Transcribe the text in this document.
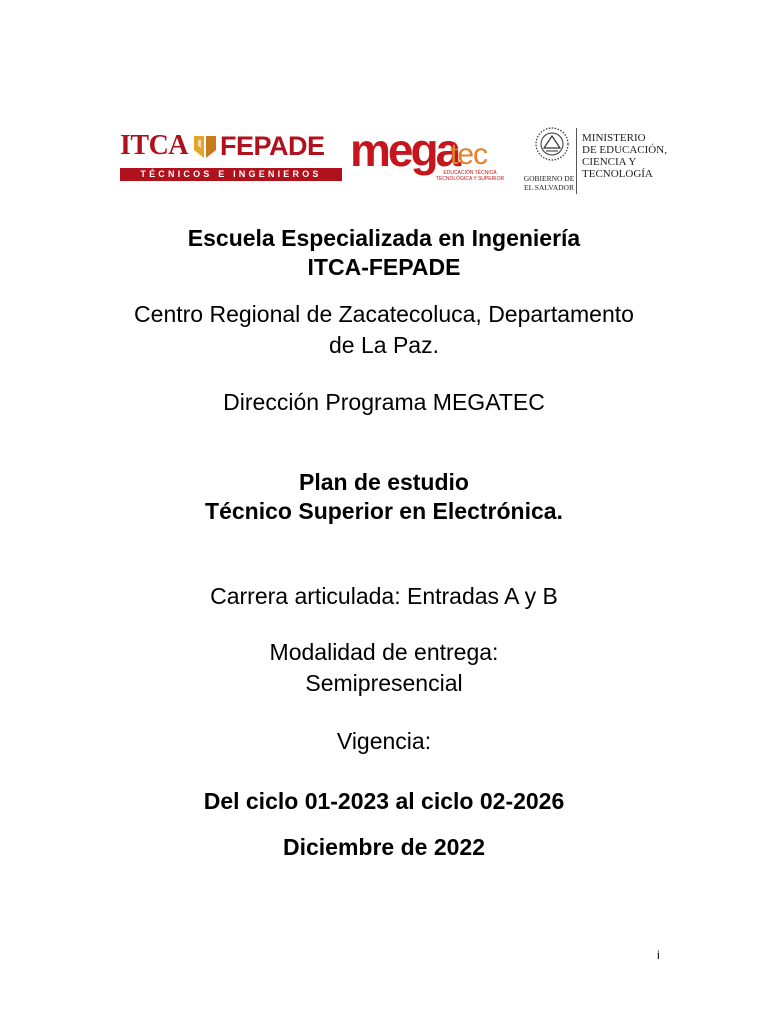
ITCA FEPADE
TÉCNICOS E INGENIEROS mega
tec
EDUCACIÓN TÉCNICA TECNOLÓGICA Y SUPERIOR	GOBIERNO DE
EL SALVADOR
MINISTERIO
DE EDUCACIÓN,
CIENCIA Y
TECNOLOGÍA

Escuela Especializada en Ingeniería

ITCA-FEPADE

Centro Regional de Zacatecoluca, Departamento

de La Paz.

Dirección Programa MEGATEC

Plan de estudio

Técnico Superior en Electrónica.

Carrera articulada: Entradas A y B

Modalidad de entrega:

Semipresencial

Vigencia:

Del ciclo 01-2023 al ciclo 02-2026

Diciembre de 2022

i
